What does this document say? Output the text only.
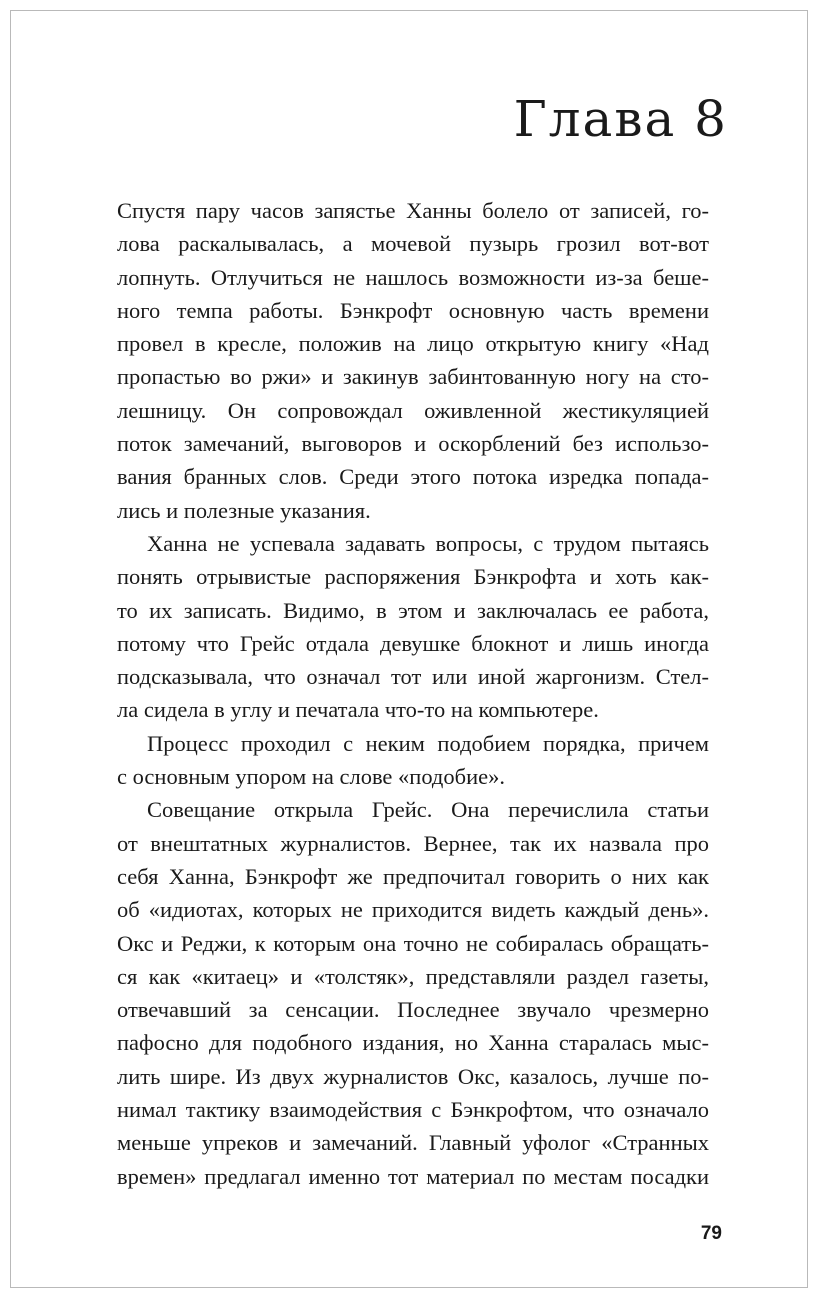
Глава 8

Спустя пару часов запястье Ханны болело от записей, го-

лова раскалывалась, а мочевой пузырь грозил вот-вот

лопнуть. Отлучиться не нашлось возможности из-за беше-

ного темпа работы. Бэнкрофт основную часть времени

провел в кресле, положив на лицо открытую книгу «Над

пропастью во ржи» и закинув забинтованную ногу на сто-

лешницу. Он сопровождал оживленной жестикуляцией

поток замечаний, выговоров и оскорблений без использо-

вания бранных слов. Среди этого потока изредка попада-

лись и полезные указания.

Ханна не успевала задавать вопросы, с трудом пытаясь

понять отрывистые распоряжения Бэнкрофта и хоть как-

то их записать. Видимо, в этом и заключалась ее работа,

потому что Грейс отдала девушке блокнот и лишь иногда

подсказывала, что означал тот или иной жаргонизм. Стел-

ла сидела в углу и печатала что-то на компьютере.

Процесс проходил с неким подобием порядка, причем

с основным упором на слове «подобие».

Совещание открыла Грейс. Она перечислила статьи

от внештатных журналистов. Вернее, так их назвала про

себя Ханна, Бэнкрофт же предпочитал говорить о них как

об «идиотах, которых не приходится видеть каждый день».

Окс и Реджи, к которым она точно не собиралась обращать-

ся как «китаец» и «толстяк», представляли раздел газеты,

отвечавший за сенсации. Последнее звучало чрезмерно

пафосно для подобного издания, но Ханна старалась мыс-

лить шире. Из двух журналистов Окс, казалось, лучше по-

нимал тактику взаимодействия с Бэнкрофтом, что означало

меньше упреков и замечаний. Главный уфолог «Странных

времен» предлагал именно тот материал по местам посадки

79
